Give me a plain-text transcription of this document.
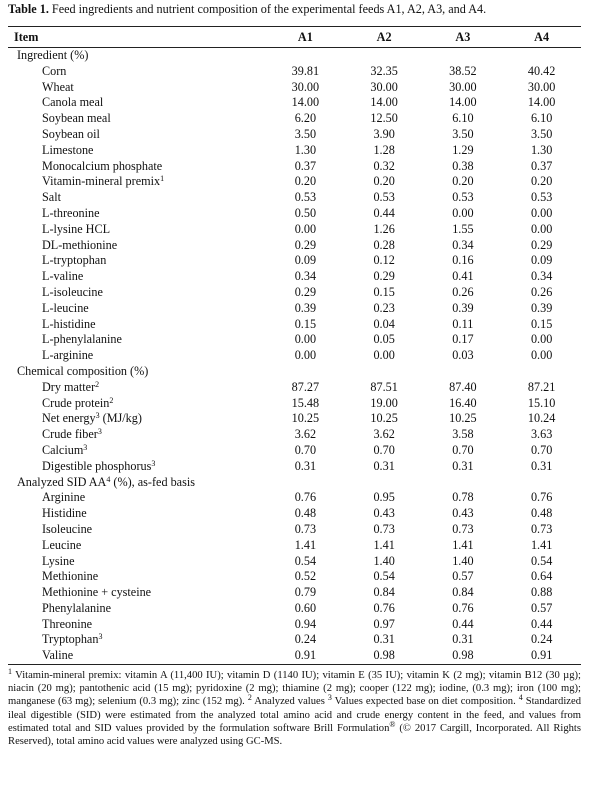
Table 1. Feed ingredients and nutrient composition of the experimental feeds A1, A2, A3, and A4.

Item	A1	A2	A3	A4
Ingredient (%)				
Corn	39.81	32.35	38.52	40.42
Wheat	30.00	30.00	30.00	30.00
Canola meal	14.00	14.00	14.00	14.00
Soybean meal	6.20	12.50	6.10	6.10
Soybean oil	3.50	3.90	3.50	3.50
Limestone	1.30	1.28	1.29	1.30
Monocalcium phosphate	0.37	0.32	0.38	0.37
Vitamin-mineral premix$^1$	0.20	0.20	0.20	0.20
Salt	0.53	0.53	0.53	0.53
L-threonine	0.50	0.44	0.00	0.00
L-lysine HCL	0.00	1.26	1.55	0.00
DL-methionine	0.29	0.28	0.34	0.29
L-tryptophan	0.09	0.12	0.16	0.09
L-valine	0.34	0.29	0.41	0.34
L-isoleucine	0.29	0.15	0.26	0.26
L-leucine	0.39	0.23	0.39	0.39
L-histidine	0.15	0.04	0.11	0.15
L-phenylalanine	0.00	0.05	0.17	0.00
L-arginine	0.00	0.00	0.03	0.00
Chemical composition (%)				
Dry matter$^2$	87.27	87.51	87.40	87.21
Crude protein$^2$	15.48	19.00	16.40	15.10
Net energy$^3$ (MJ/kg)	10.25	10.25	10.25	10.24
Crude fiber$^3$	3.62	3.62	3.58	3.63
Calcium$^3$	0.70	0.70	0.70	0.70
Digestible phosphorus$^3$	0.31	0.31	0.31	0.31
Analyzed SID $AA^4$ (%), as-fed basis				
Arginine	0.76	0.95	0.78	0.76
Histidine	0.48	0.43	0.43	0.48
Isoleucine	0.73	0.73	0.73	0.73
Leucine	1.41	1.41	1.41	1.41
Lysine	0.54	1.40	1.40	0.54
Methionine	0.52	0.54	0.57	0.64
Methionine + cysteine	0.79	0.84	0.84	0.88
Phenylalanine	0.60	0.76	0.76	0.57
Threonine	0.94	0.97	0.44	0.44
Tryptophan$^3$	0.24	0.31	0.31	0.24
Valine	0.91	0.98	0.98	0.91

$^1$ Vitamin-mineral premix: vitamin A (11,400 IU); vitamin D (1140 IU); vitamin E (35 IU); vitamin K (2 mg); vitamin B12 (30 µg); niacin (20 mg); pantothenic acid (15 mg); pyridoxine (2 mg); thiamine (2 mg); cooper (122 mg); iodine, (0.3 mg); iron (100 mg); manganese (63 mg); selenium (0.3 mg); zinc (152 mg). $^2$ Analyzed values $^3$ Values expected base on diet composition. $^4$ Standardized ileal digestible (SID) were estimated from the analyzed total amino acid and crude energy content in the feed, and values from estimated total and SID values provided by the formulation software Brill Formulation® (© 2017 Cargill, Incorporated. All Rights Reserved), total amino acid values were analyzed using GC-MS.
